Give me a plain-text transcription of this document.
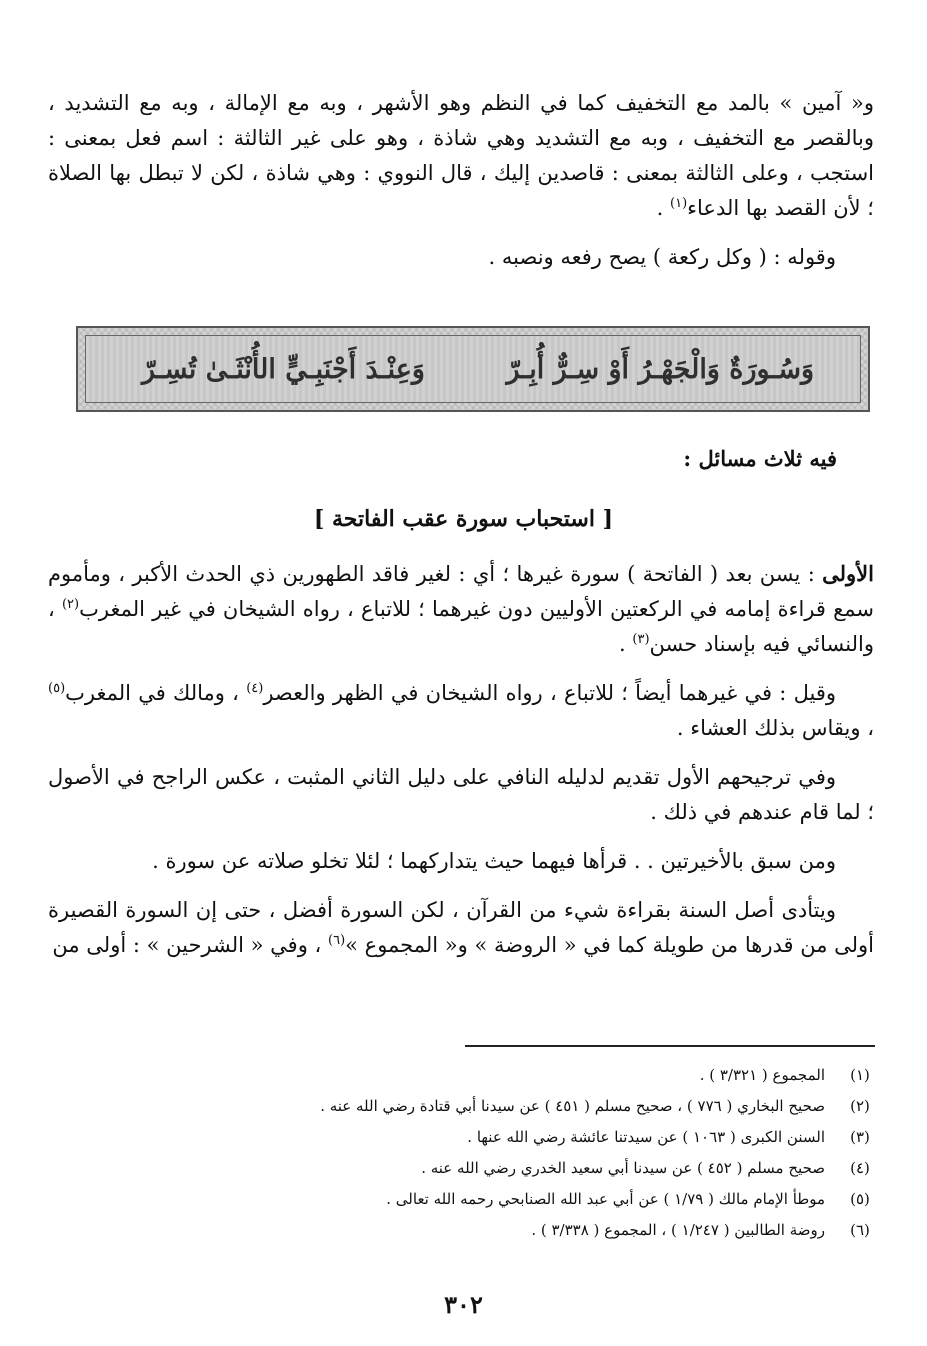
و« آمين » بالمد مع التخفيف كما في النظم وهو الأشهر ، وبه مع الإمالة ، وبه مع التشديد ، وبالقصر مع التخفيف ، وبه مع التشديد وهي شاذة ، وهو على غير الثالثة : اسم فعل بمعنى : استجب ، وعلى الثالثة بمعنى : قاصدين إليك ، قال النووي : وهي شاذة ، لكن لا تبطل بها الصلاة ؛ لأن القصد بها الدعاء$^{(١)}$ .

وقوله : ( وكل ركعة ) يصح رفعه ونصبه .

وَسُـورَةٌ وَالْجَهْـرُ أَوْ سِـرٌّ أُبِـرّ
وَعِنْـدَ أَجْنَبِـيٍّ الأُنْثَـىٰ تُسِـرّ
فيه ثلاث مسائل :
[ استحباب سورة عقب الفاتحة ]

الأولى : يسن بعد ( الفاتحة ) سورة غيرها ؛ أي : لغير فاقد الطهورين ذي الحدث الأكبر ، ومأموم سمع قراءة إمامه في الركعتين الأوليين دون غيرهما ؛ للاتباع ، رواه الشيخان في غير المغرب$^{(٢)}$ ، والنسائي فيه بإسناد حسن$^{(٣)}$ .

وقيل : في غيرهما أيضاً ؛ للاتباع ، رواه الشيخان في الظهر والعصر$^{(٤)}$ ، ومالك في المغرب$^{(٥)}$ ، ويقاس بذلك العشاء .

وفي ترجيحهم الأول تقديم لدليله النافي على دليل الثاني المثبت ، عكس الراجح في الأصول ؛ لما قام عندهم في ذلك .

ومن سبق بالأخيرتين . . قرأها فيهما حيث يتداركهما ؛ لئلا تخلو صلاته عن سورة .

ويتأدى أصل السنة بقراءة شيء من القرآن ، لكن السورة أفضل ، حتى إن السورة القصيرة أولى من قدرها من طويلة كما في « الروضة » و« المجموع »$^{(٦)}$ ، وفي « الشرحين » : أولى من

(١)
المجموع ( ٣/٣٢١ ) .
(٢)
صحيح البخاري ( ٧٧٦ ) ، صحيح مسلم ( ٤٥١ ) عن سيدنا أبي قتادة رضي الله عنه .
(٣)
السنن الكبرى ( ١٠٦٣ ) عن سيدتنا عائشة رضي الله عنها .
(٤)
صحيح مسلم ( ٤٥٢ ) عن سيدنا أبي سعيد الخدري رضي الله عنه .
(٥)
موطأ الإمام مالك ( ١/٧٩ ) عن أبي عبد الله الصنابحي رحمه الله تعالى .
(٦)
روضة الطالبين ( ١/٢٤٧ ) ، المجموع ( ٣/٣٣٨ ) .
٣٠٢
